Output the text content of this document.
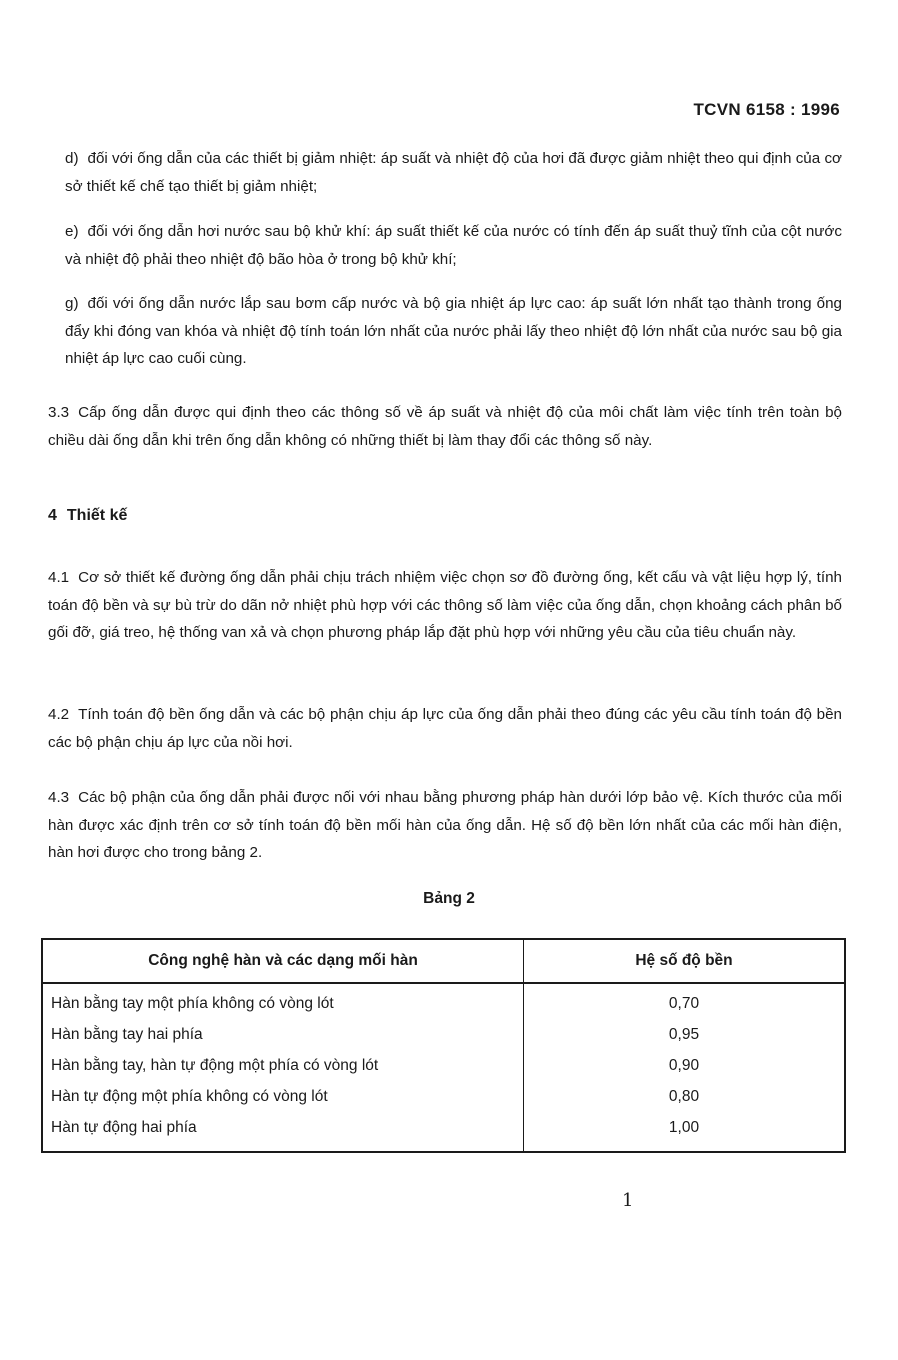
TCVN 6158 : 1996
d) đối với ống dẫn của các thiết bị giảm nhiệt: áp suất và nhiệt độ của hơi đã được giảm nhiệt theo qui định của cơ sở thiết kế chế tạo thiết bị giảm nhiệt;
e) đối với ống dẫn hơi nước sau bộ khử khí: áp suất thiết kế của nước có tính đến áp suất thuỷ tĩnh của cột nước và nhiệt độ phải theo nhiệt độ bão hòa ở trong bộ khử khí;
g) đối với ống dẫn nước lắp sau bơm cấp nước và bộ gia nhiệt áp lực cao: áp suất lớn nhất tạo thành trong ống đẩy khi đóng van khóa và nhiệt độ tính toán lớn nhất của nước phải lấy theo nhiệt độ lớn nhất của nước sau bộ gia nhiệt áp lực cao cuối cùng.
3.3 Cấp ống dẫn được qui định theo các thông số về áp suất và nhiệt độ của môi chất làm việc tính trên toàn bộ chiều dài ống dẫn khi trên ống dẫn không có những thiết bị làm thay đổi các thông số này.
4 Thiết kế
4.1 Cơ sở thiết kế đường ống dẫn phải chịu trách nhiệm việc chọn sơ đồ đường ống, kết cấu và vật liệu hợp lý, tính toán độ bền và sự bù trừ do dãn nở nhiệt phù hợp với các thông số làm việc của ống dẫn, chọn khoảng cách phân bố gối đỡ, giá treo, hệ thống van xả và chọn phương pháp lắp đặt phù hợp với những yêu cầu của tiêu chuẩn này.
4.2 Tính toán độ bền ống dẫn và các bộ phận chịu áp lực của ống dẫn phải theo đúng các yêu cầu tính toán độ bền các bộ phận chịu áp lực của nồi hơi.
4.3 Các bộ phận của ống dẫn phải được nối với nhau bằng phương pháp hàn dưới lớp bảo vệ. Kích thước của mối hàn được xác định trên cơ sở tính toán độ bền mối hàn của ống dẫn. Hệ số độ bền lớn nhất của các mối hàn điện, hàn hơi được cho trong bảng 2.
Bảng 2
Công nghệ hàn và các dạng mối hàn	Hệ số độ bền
Hàn bằng tay một phía không có vòng lót
Hàn bằng tay hai phía
Hàn bằng tay, hàn tự động một phía có vòng lót
Hàn tự động một phía không có vòng lót
Hàn tự động hai phía
0,70
0,95
0,90
0,80
1,00
1
